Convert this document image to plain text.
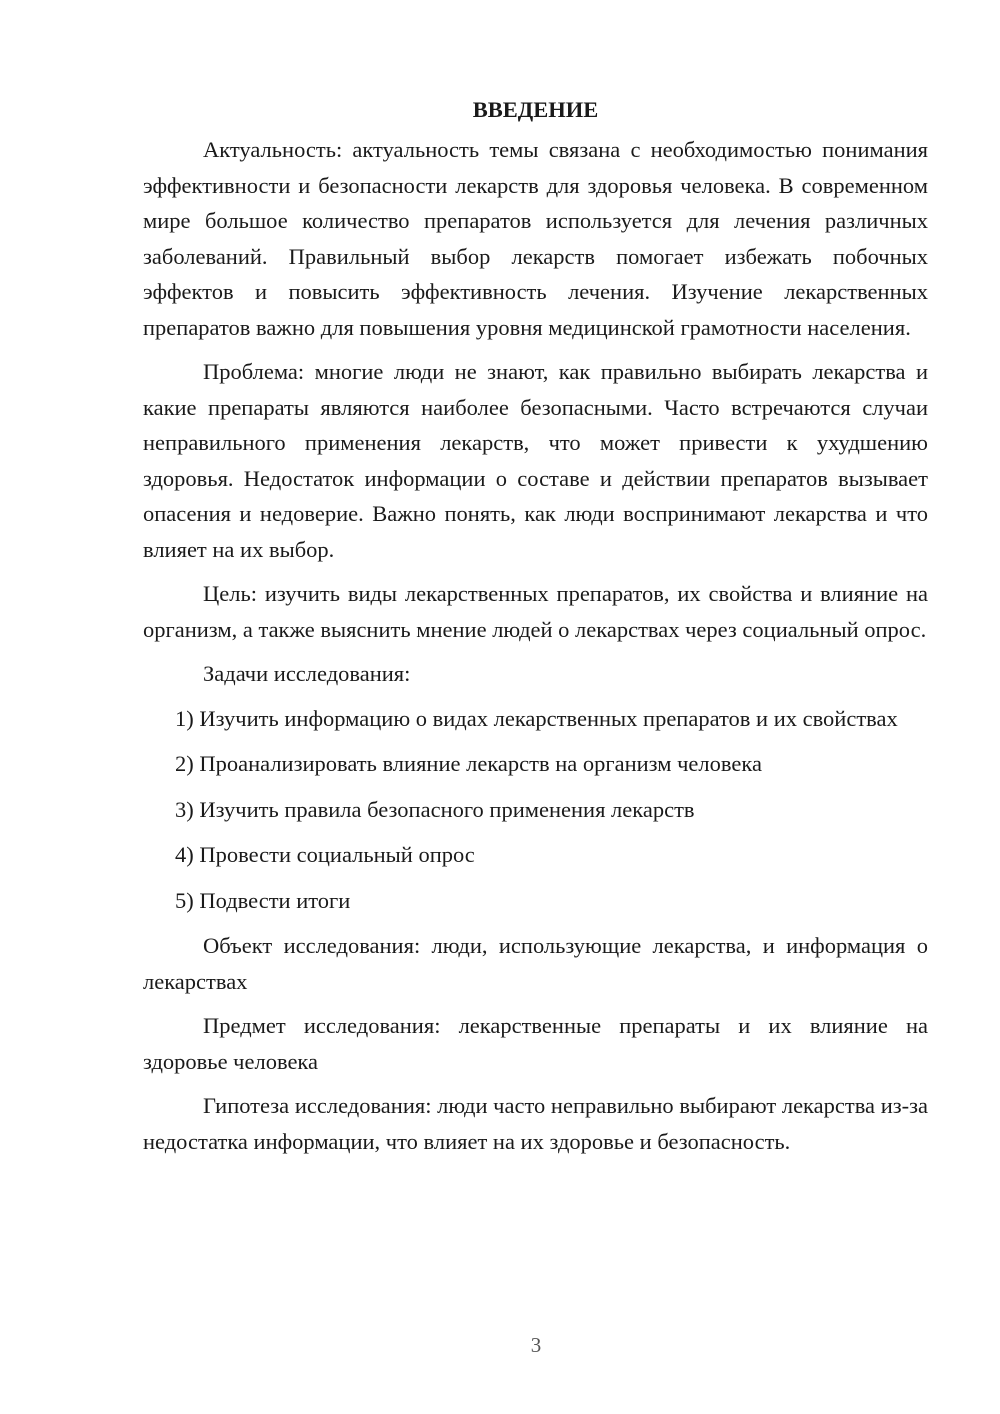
ВВЕДЕНИЕ

Актуальность: актуальность темы связана с необходимостью понимания эффективности и безопасности лекарств для здоровья человека. В современном мире большое количество препаратов используется для лечения различных заболеваний. Правильный выбор лекарств помогает избежать побочных эффектов и повысить эффективность лечения. Изучение лекарственных препаратов важно для повышения уровня медицинской грамотности населения.

Проблема: многие люди не знают, как правильно выбирать лекарства и какие препараты являются наиболее безопасными. Часто встречаются случаи неправильного применения лекарств, что может привести к ухудшению здоровья. Недостаток информации о составе и действии препаратов вызывает опасения и недоверие. Важно понять, как люди воспринимают лекарства и что влияет на их выбор.

Цель: изучить виды лекарственных препаратов, их свойства и влияние на организм, а также выяснить мнение людей о лекарствах через социальный опрос.

Задачи исследования:

1) Изучить информацию о видах лекарственных препаратов и их свойствах

2) Проанализировать влияние лекарств на организм человека

3) Изучить правила безопасного применения лекарств

4) Провести социальный опрос

5) Подвести итоги

Объект исследования: люди, использующие лекарства, и информация о лекарствах

Предмет исследования: лекарственные препараты и их влияние на здоровье человека

Гипотеза исследования: люди часто неправильно выбирают лекарства из-за недостатка информации, что влияет на их здоровье и безопасность.

3
